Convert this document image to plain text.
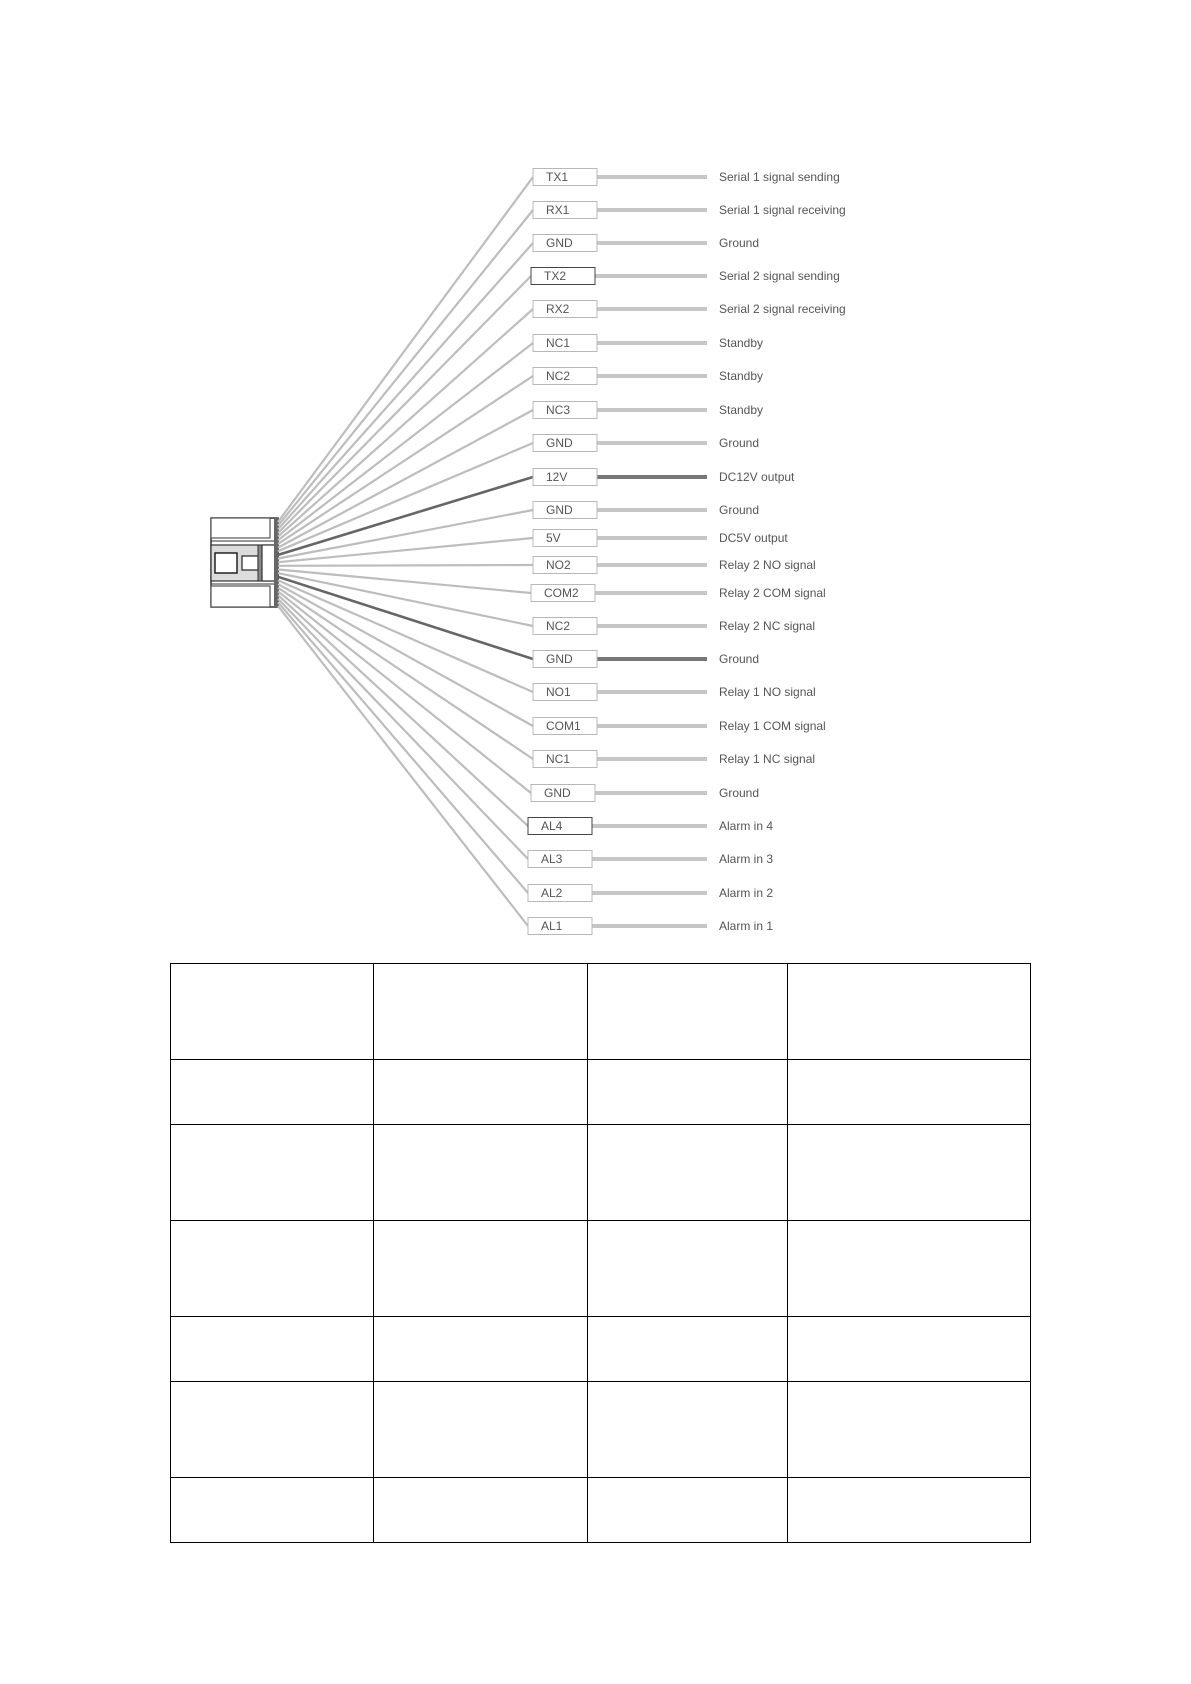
TX1	Serial 1 signal sending
RX1	Serial 1 signal receiving
GND	Ground
TX2	Serial 2 signal sending
RX2	Serial 2 signal receiving
NC1	Standby
NC2	Standby
NC3	Standby
GND	Ground
12V	DC12V output
GND	Ground
5V	DC5V output
NO2	Relay 2 NO signal
COM2	Relay 2 COM signal
NC2	Relay 2 NC signal
GND	Ground
NO1	Relay 1 NO signal
COM1	Relay 1 COM signal
NC1	Relay 1 NC signal
GND	Ground
AL4	Alarm in 4
AL3	Alarm in 3
AL2	Alarm in 2
AL1	Alarm in 1
